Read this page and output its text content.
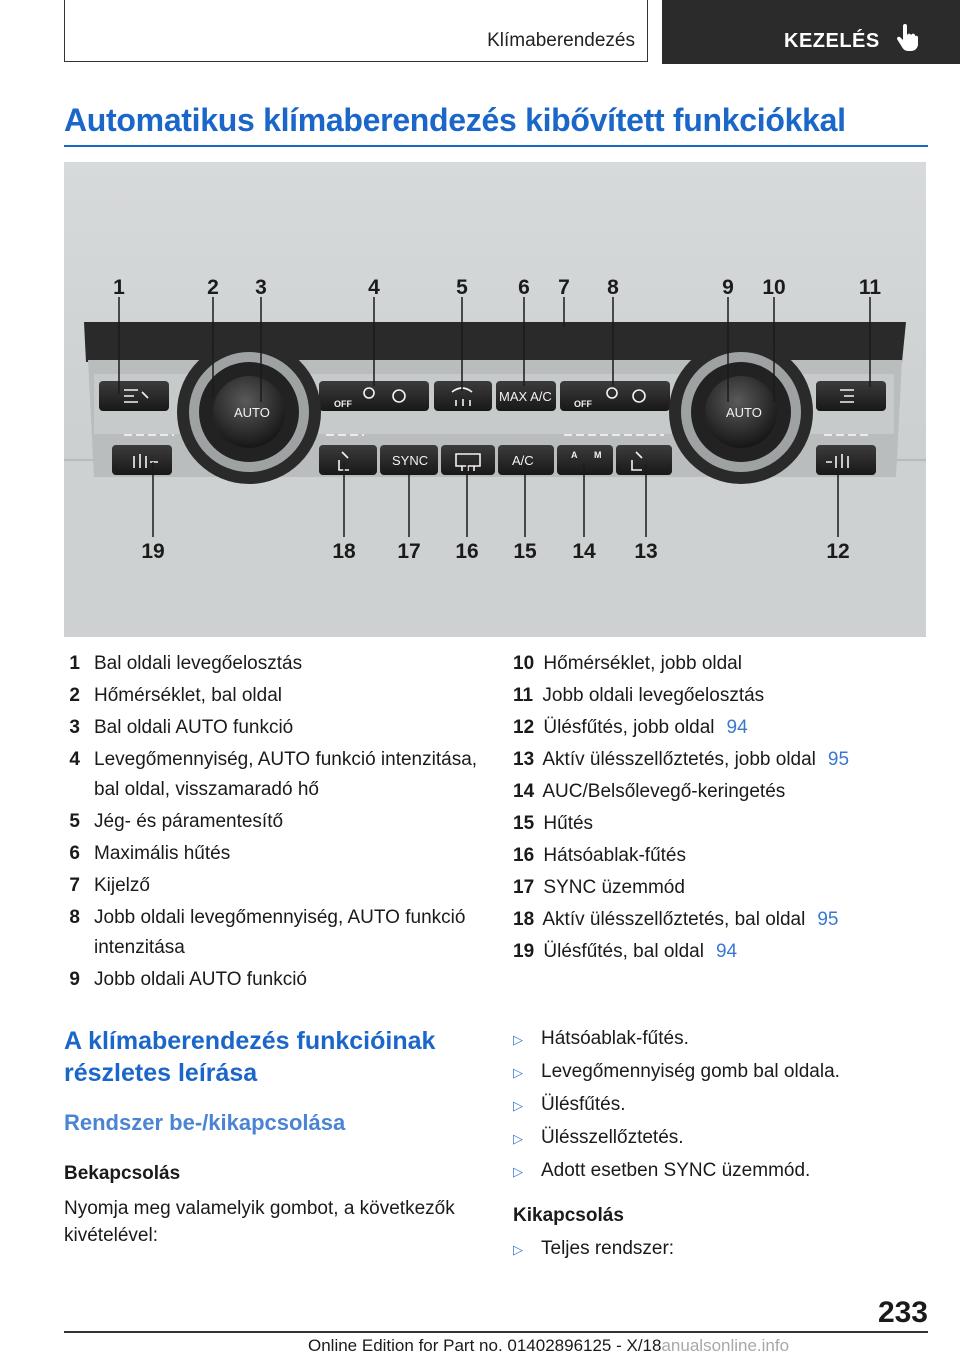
Klímaberendezés	KEZELÉS
Automatikus klímaberendezés kibővített funkciókkal
AUTO	AUTO
OFF	OFF
MAX A/C
SYNC	A/C	A M
1	2 3	4	5 6 7 8	9 10	11
19	18 17 16 15 14 13	12
1 Bal oldali levegőelosztás
2 Hőmérséklet, bal oldal
3 Bal oldali AUTO funkció
4 Levegőmennyiség, AUTO funkció intenzitása, bal oldal, visszamaradó hő
5 Jég- és páramentesítő
6 Maximális hűtés
7 Kijelző
8 Jobb oldali levegőmennyiség, AUTO funkció intenzitása
9 Jobb oldali AUTO funkció
10 Hőmérséklet, jobb oldal
11 Jobb oldali levegőelosztás
12 Ülésfűtés, jobb oldal 94
13 Aktív ülésszellőztetés, jobb oldal 95
14 AUC/Belsőlevegő-keringetés
15 Hűtés
16 Hátsóablak-fűtés
17 SYNC üzemmód
18 Aktív ülésszellőztetés, bal oldal 95
19 Ülésfűtés, bal oldal 94
A klímaberendezés funkcióinak részletes leírása
Rendszer be-/kikapcsolása
Bekapcsolás

Nyomja meg valamelyik gombot, a következők kivételével:

▷ Hátsóablak-fűtés.
▷ Levegőmennyiség gomb bal oldala.
▷ Ülésfűtés.
▷ Ülésszellőztetés.
▷ Adott esetben SYNC üzemmód.
Kikapcsolás
▷ Teljes rendszer:
233
Online Edition for Part no. 01402896125 - X/18anualsonline.info
